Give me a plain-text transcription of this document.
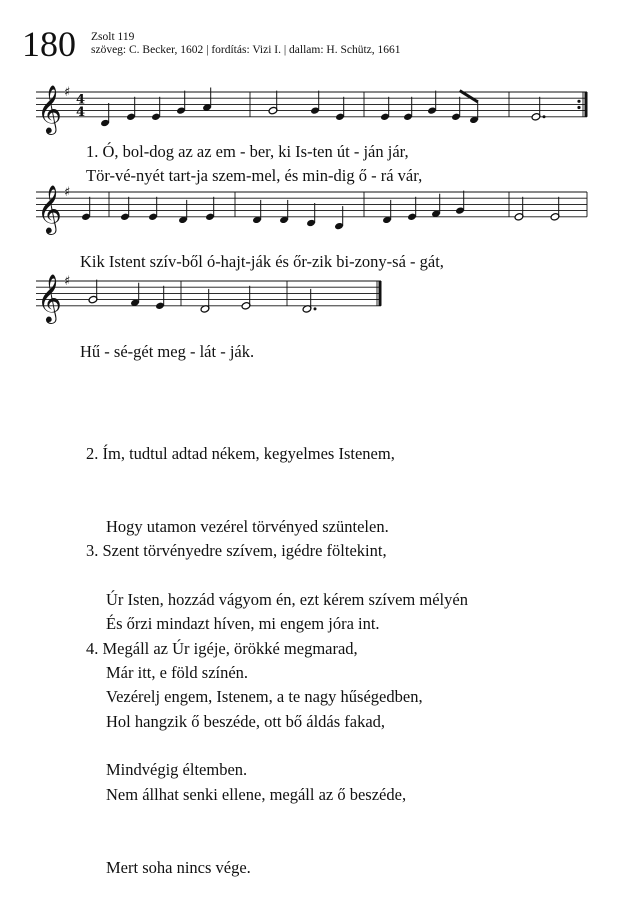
180 Zsolt 119
szöveg: C. Becker, 1602 | fordítás: Vizi I. | dallam: H. Schütz, 1661
𝄞 ♯ 4
4
𝄞 ♯
𝄞 ♯
1. Ó, bol-dog az az em - ber, ki Is-ten út - ján jár,
Tör-vé-nyét tart-ja szem-mel, és min-dig ő - rá vár,
Kik Istent szív-ből ó-hajt-ják és őr-zik bi-zony-sá - gát,
Hű - sé-gét meg - lát - ják.

2. Ím, tudtul adtad nékem, kegyelmes Istenem,

Hogy utamon vezérel törvényed szüntelen.

Úr Isten, hozzád vágyom én, ezt kérem szívem mélyén

Már itt, e föld színén.

3. Szent törvényedre szívem, igédre föltekint,

És őrzi mindazt híven, mi engem jóra int.

Vezérelj engem, Istenem, a te nagy hűségedben,

Mindvégig éltemben.

4. Megáll az Úr igéje, örökké megmarad,

Hol hangzik ő beszéde, ott bő áldás fakad,

Nem állhat senki ellene, megáll az ő beszéde,

Mert soha nincs vége.
